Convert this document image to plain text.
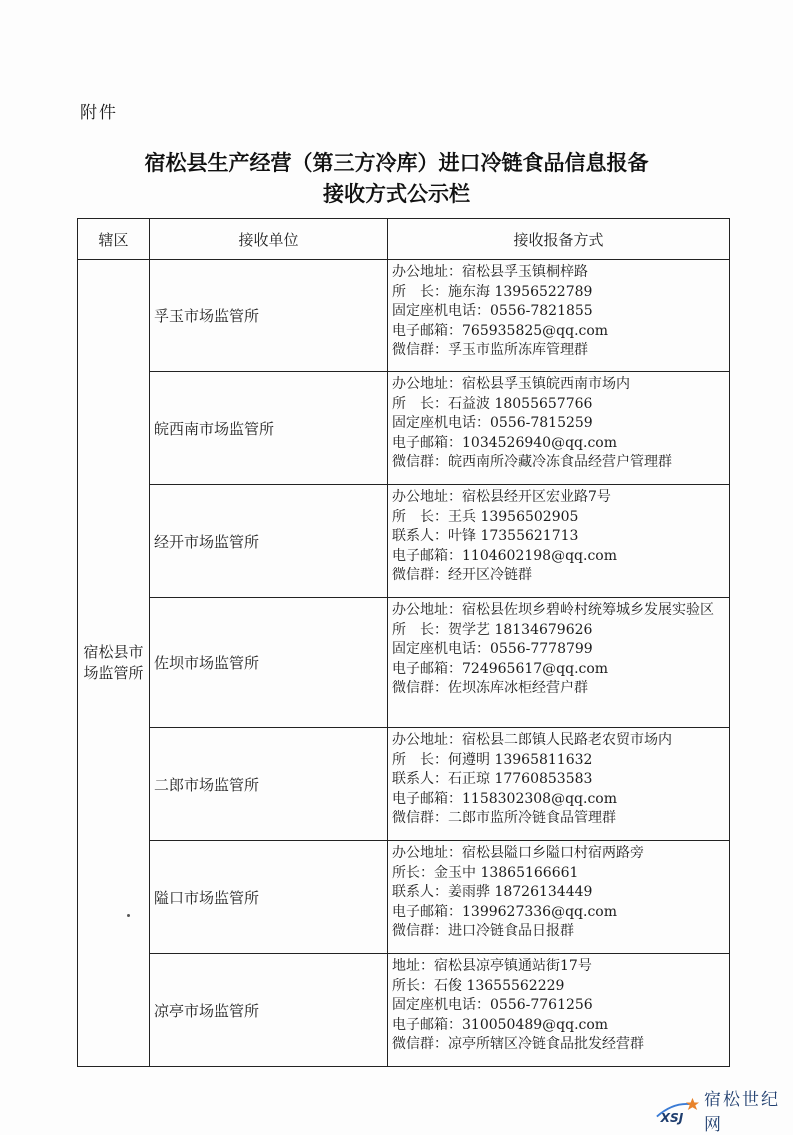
附件
宿松县生产经营（第三方冷库）进口冷链食品信息报备
接收方式公示栏
辖区	接收单位	接收报备方式
宿松县市场监管所	孚玉市场监管所	办公地址：宿松县孚玉镇桐梓路
所　长：施东海 13956522789
固定座机电话：0556-7821855
电子邮箱：765935825@qq.com
微信群：孚玉市监所冻库管理群

	皖西南市场监管所	办公地址：宿松县孚玉镇皖西南市场内
所　长：石益波 18055657766
固定座机电话：0556-7815259
电子邮箱：1034526940@qq.com
微信群：皖西南所冷藏冷冻食品经营户管理群

	经开市场监管所	办公地址：宿松县经开区宏业路7号
所　长：王兵 13956502905
联系人：叶锋 17355621713
电子邮箱：1104602198@qq.com
微信群：经开区冷链群

	佐坝市场监管所	办公地址：宿松县佐坝乡碧岭村统筹城乡发展实验区
所　长：贺学艺 18134679626
固定座机电话：0556-7778799
电子邮箱：724965617@qq.com
微信群：佐坝冻库冰柜经营户群

	二郎市场监管所	办公地址：宿松县二郎镇人民路老农贸市场内
所　长：何遵明 13965811632
联系人：石正琼 17760853583
电子邮箱：1158302308@qq.com
微信群：二郎市监所冷链食品管理群

	隘口市场监管所	办公地址：宿松县隘口乡隘口村宿两路旁
所长：金玉中 13865166661
联系人：姜雨骅 18726134449
电子邮箱：1399627336@qq.com
微信群：进口冷链食品日报群

	凉亭市场监管所	地址：宿松县凉亭镇通站街17号
所长：石俊 13655562229
固定座机电话：0556-7761256
电子邮箱：310050489@qq.com
微信群：凉亭所辖区冷链食品批发经营群
XSJ
宿松世纪网
